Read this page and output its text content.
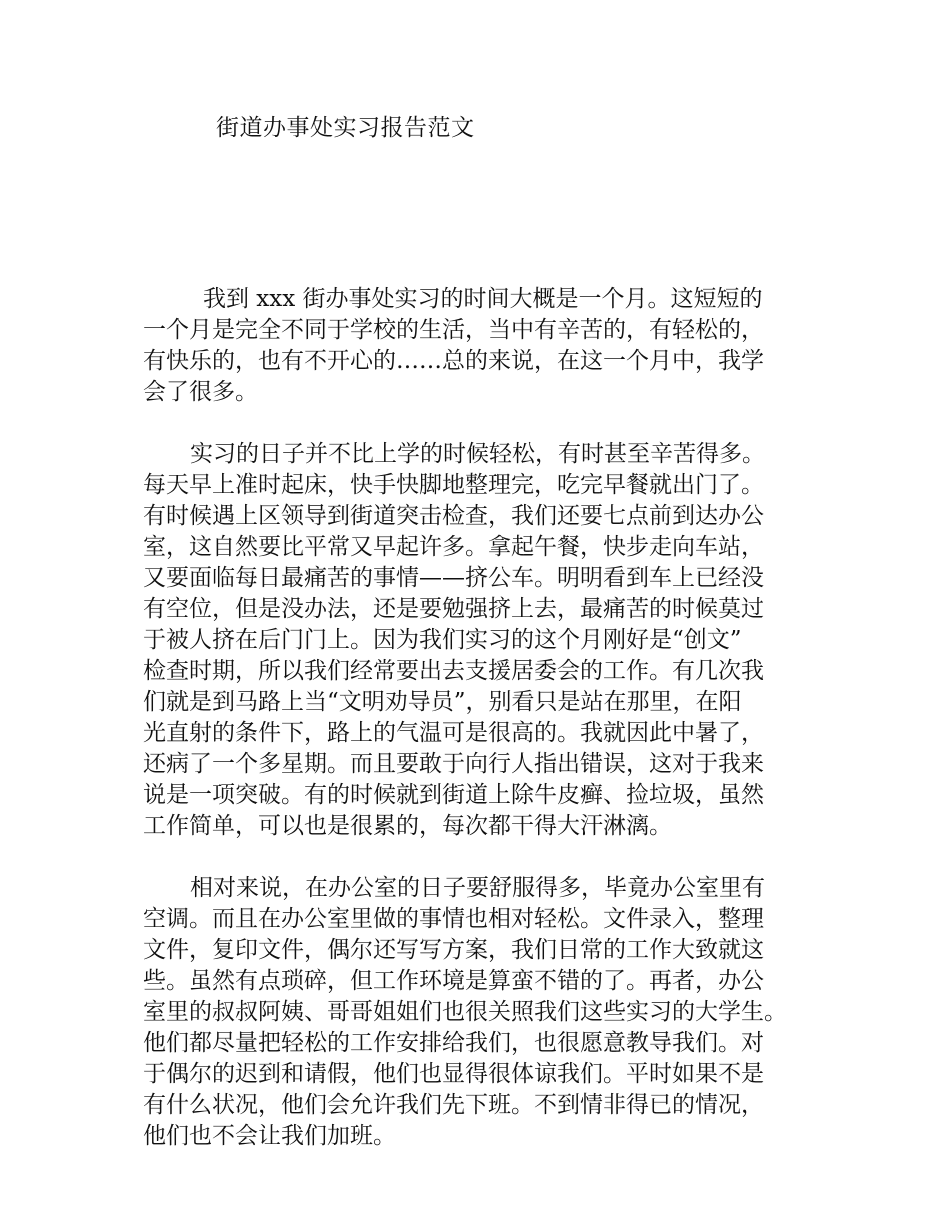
街道办事处实习报告范文

我到 xxx 街办事处实习的时间大概是一个月。这短短的
一个月是完全不同于学校的生活，当中有辛苦的，有轻松的，
有快乐的，也有不开心的……总的来说，在这一个月中，我学
会了很多。

实习的日子并不比上学的时候轻松，有时甚至辛苦得多。
每天早上准时起床，快手快脚地整理完，吃完早餐就出门了。
有时候遇上区领导到街道突击检查，我们还要七点前到达办公
室，这自然要比平常又早起许多。拿起午餐，快步走向车站，
又要面临每日最痛苦的事情——挤公车。明明看到车上已经没
有空位，但是没办法，还是要勉强挤上去，最痛苦的时候莫过
于被人挤在后门门上。因为我们实习的这个月刚好是“创文”
检查时期，所以我们经常要出去支援居委会的工作。有几次我
们就是到马路上当“文明劝导员”，别看只是站在那里，在阳
光直射的条件下，路上的气温可是很高的。我就因此中暑了，
还病了一个多星期。而且要敢于向行人指出错误，这对于我来
说是一项突破。有的时候就到街道上除牛皮癣、捡垃圾，虽然
工作简单，可以也是很累的，每次都干得大汗淋漓。

相对来说，在办公室的日子要舒服得多，毕竟办公室里有
空调。而且在办公室里做的事情也相对轻松。文件录入，整理
文件，复印文件，偶尔还写写方案，我们日常的工作大致就这
些。虽然有点琐碎，但工作环境是算蛮不错的了。再者，办公
室里的叔叔阿姨、哥哥姐姐们也很关照我们这些实习的大学生。
他们都尽量把轻松的工作安排给我们，也很愿意教导我们。对
于偶尔的迟到和请假，他们也显得很体谅我们。平时如果不是
有什么状况，他们会允许我们先下班。不到情非得已的情况，
他们也不会让我们加班。
